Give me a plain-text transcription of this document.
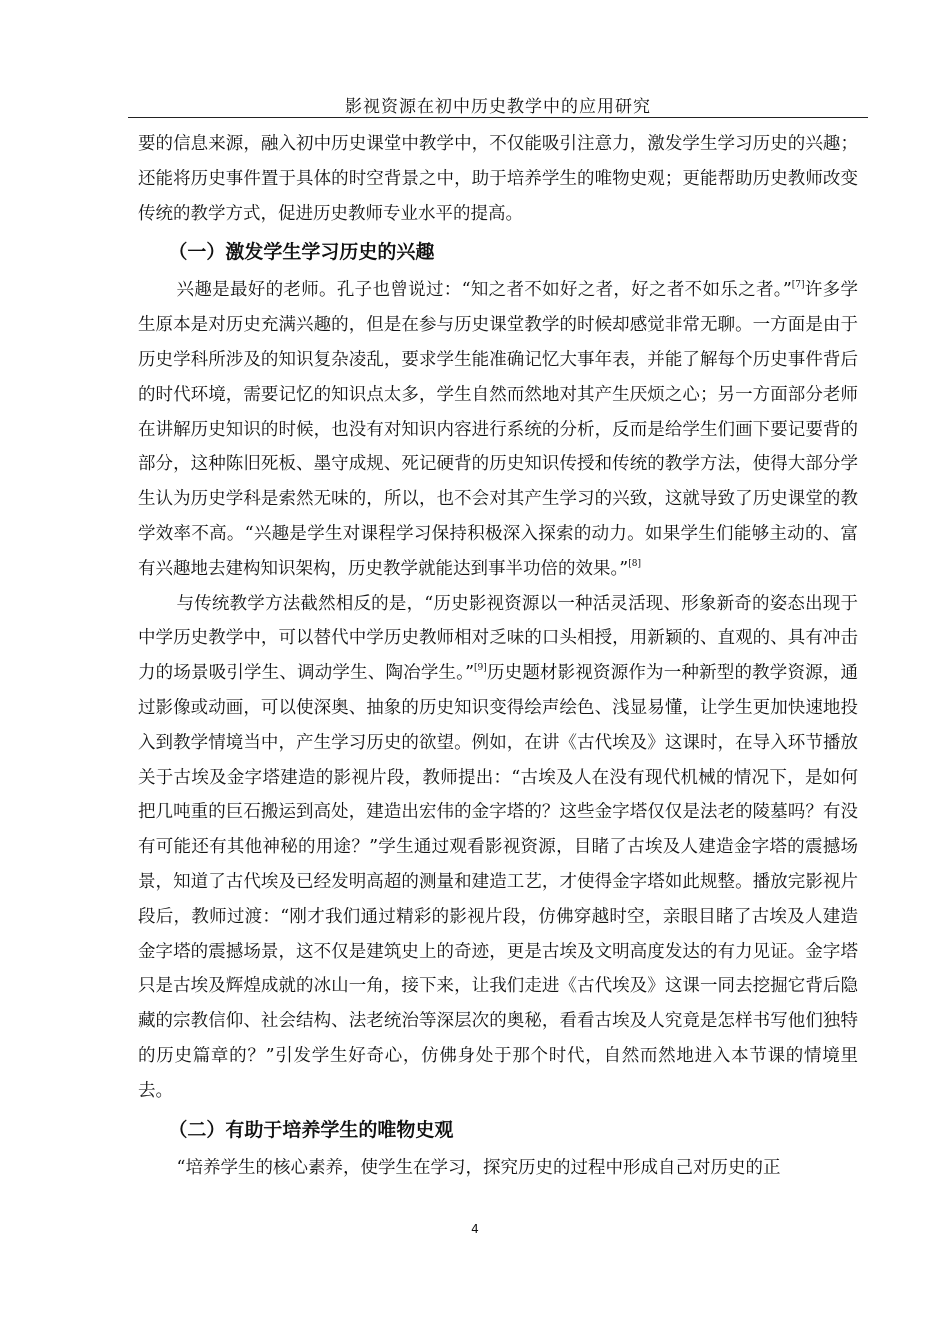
影视资源在初中历史教学中的应用研究

要的信息来源，融入初中历史课堂中教学中，不仅能吸引注意力，激发学生学习历史的兴趣；还能将历史事件置于具体的时空背景之中，助于培养学生的唯物史观；更能帮助历史教师改变传统的教学方式，促进历史教师专业水平的提高。

（一）激发学生学习历史的兴趣

兴趣是最好的老师。孔子也曾说过：“知之者不如好之者，好之者不如乐之者。”[7]许多学生原本是对历史充满兴趣的，但是在参与历史课堂教学的时候却感觉非常无聊。一方面是由于历史学科所涉及的知识复杂凌乱，要求学生能准确记忆大事年表，并能了解每个历史事件背后的时代环境，需要记忆的知识点太多，学生自然而然地对其产生厌烦之心；另一方面部分老师在讲解历史知识的时候，也没有对知识内容进行系统的分析，反而是给学生们画下要记要背的部分，这种陈旧死板、墨守成规、死记硬背的历史知识传授和传统的教学方法，使得大部分学生认为历史学科是索然无味的，所以，也不会对其产生学习的兴致，这就导致了历史课堂的教学效率不高。“兴趣是学生对课程学习保持积极深入探索的动力。如果学生们能够主动的、富有兴趣地去建构知识架构，历史教学就能达到事半功倍的效果。”[8]

与传统教学方法截然相反的是，“历史影视资源以一种活灵活现、形象新奇的姿态出现于中学历史教学中，可以替代中学历史教师相对乏味的口头相授，用新颖的、直观的、具有冲击力的场景吸引学生、调动学生、陶冶学生。”[9]历史题材影视资源作为一种新型的教学资源，通过影像或动画，可以使深奥、抽象的历史知识变得绘声绘色、浅显易懂，让学生更加快速地投入到教学情境当中，产生学习历史的欲望。例如，在讲《古代埃及》这课时，在导入环节播放关于古埃及金字塔建造的影视片段，教师提出：“古埃及人在没有现代机械的情况下，是如何把几吨重的巨石搬运到高处，建造出宏伟的金字塔的？这些金字塔仅仅是法老的陵墓吗？有没有可能还有其他神秘的用途？”学生通过观看影视资源，目睹了古埃及人建造金字塔的震撼场景，知道了古代埃及已经发明高超的测量和建造工艺，才使得金字塔如此规整。播放完影视片段后，教师过渡：“刚才我们通过精彩的影视片段，仿佛穿越时空，亲眼目睹了古埃及人建造金字塔的震撼场景，这不仅是建筑史上的奇迹，更是古埃及文明高度发达的有力见证。金字塔只是古埃及辉煌成就的冰山一角，接下来，让我们走进《古代埃及》这课一同去挖掘它背后隐藏的宗教信仰、社会结构、法老统治等深层次的奥秘，看看古埃及人究竟是怎样书写他们独特的历史篇章的？”引发学生好奇心，仿佛身处于那个时代，自然而然地进入本节课的情境里去。

（二）有助于培养学生的唯物史观

“培养学生的核心素养，使学生在学习，探究历史的过程中形成自己对历史的正

4
